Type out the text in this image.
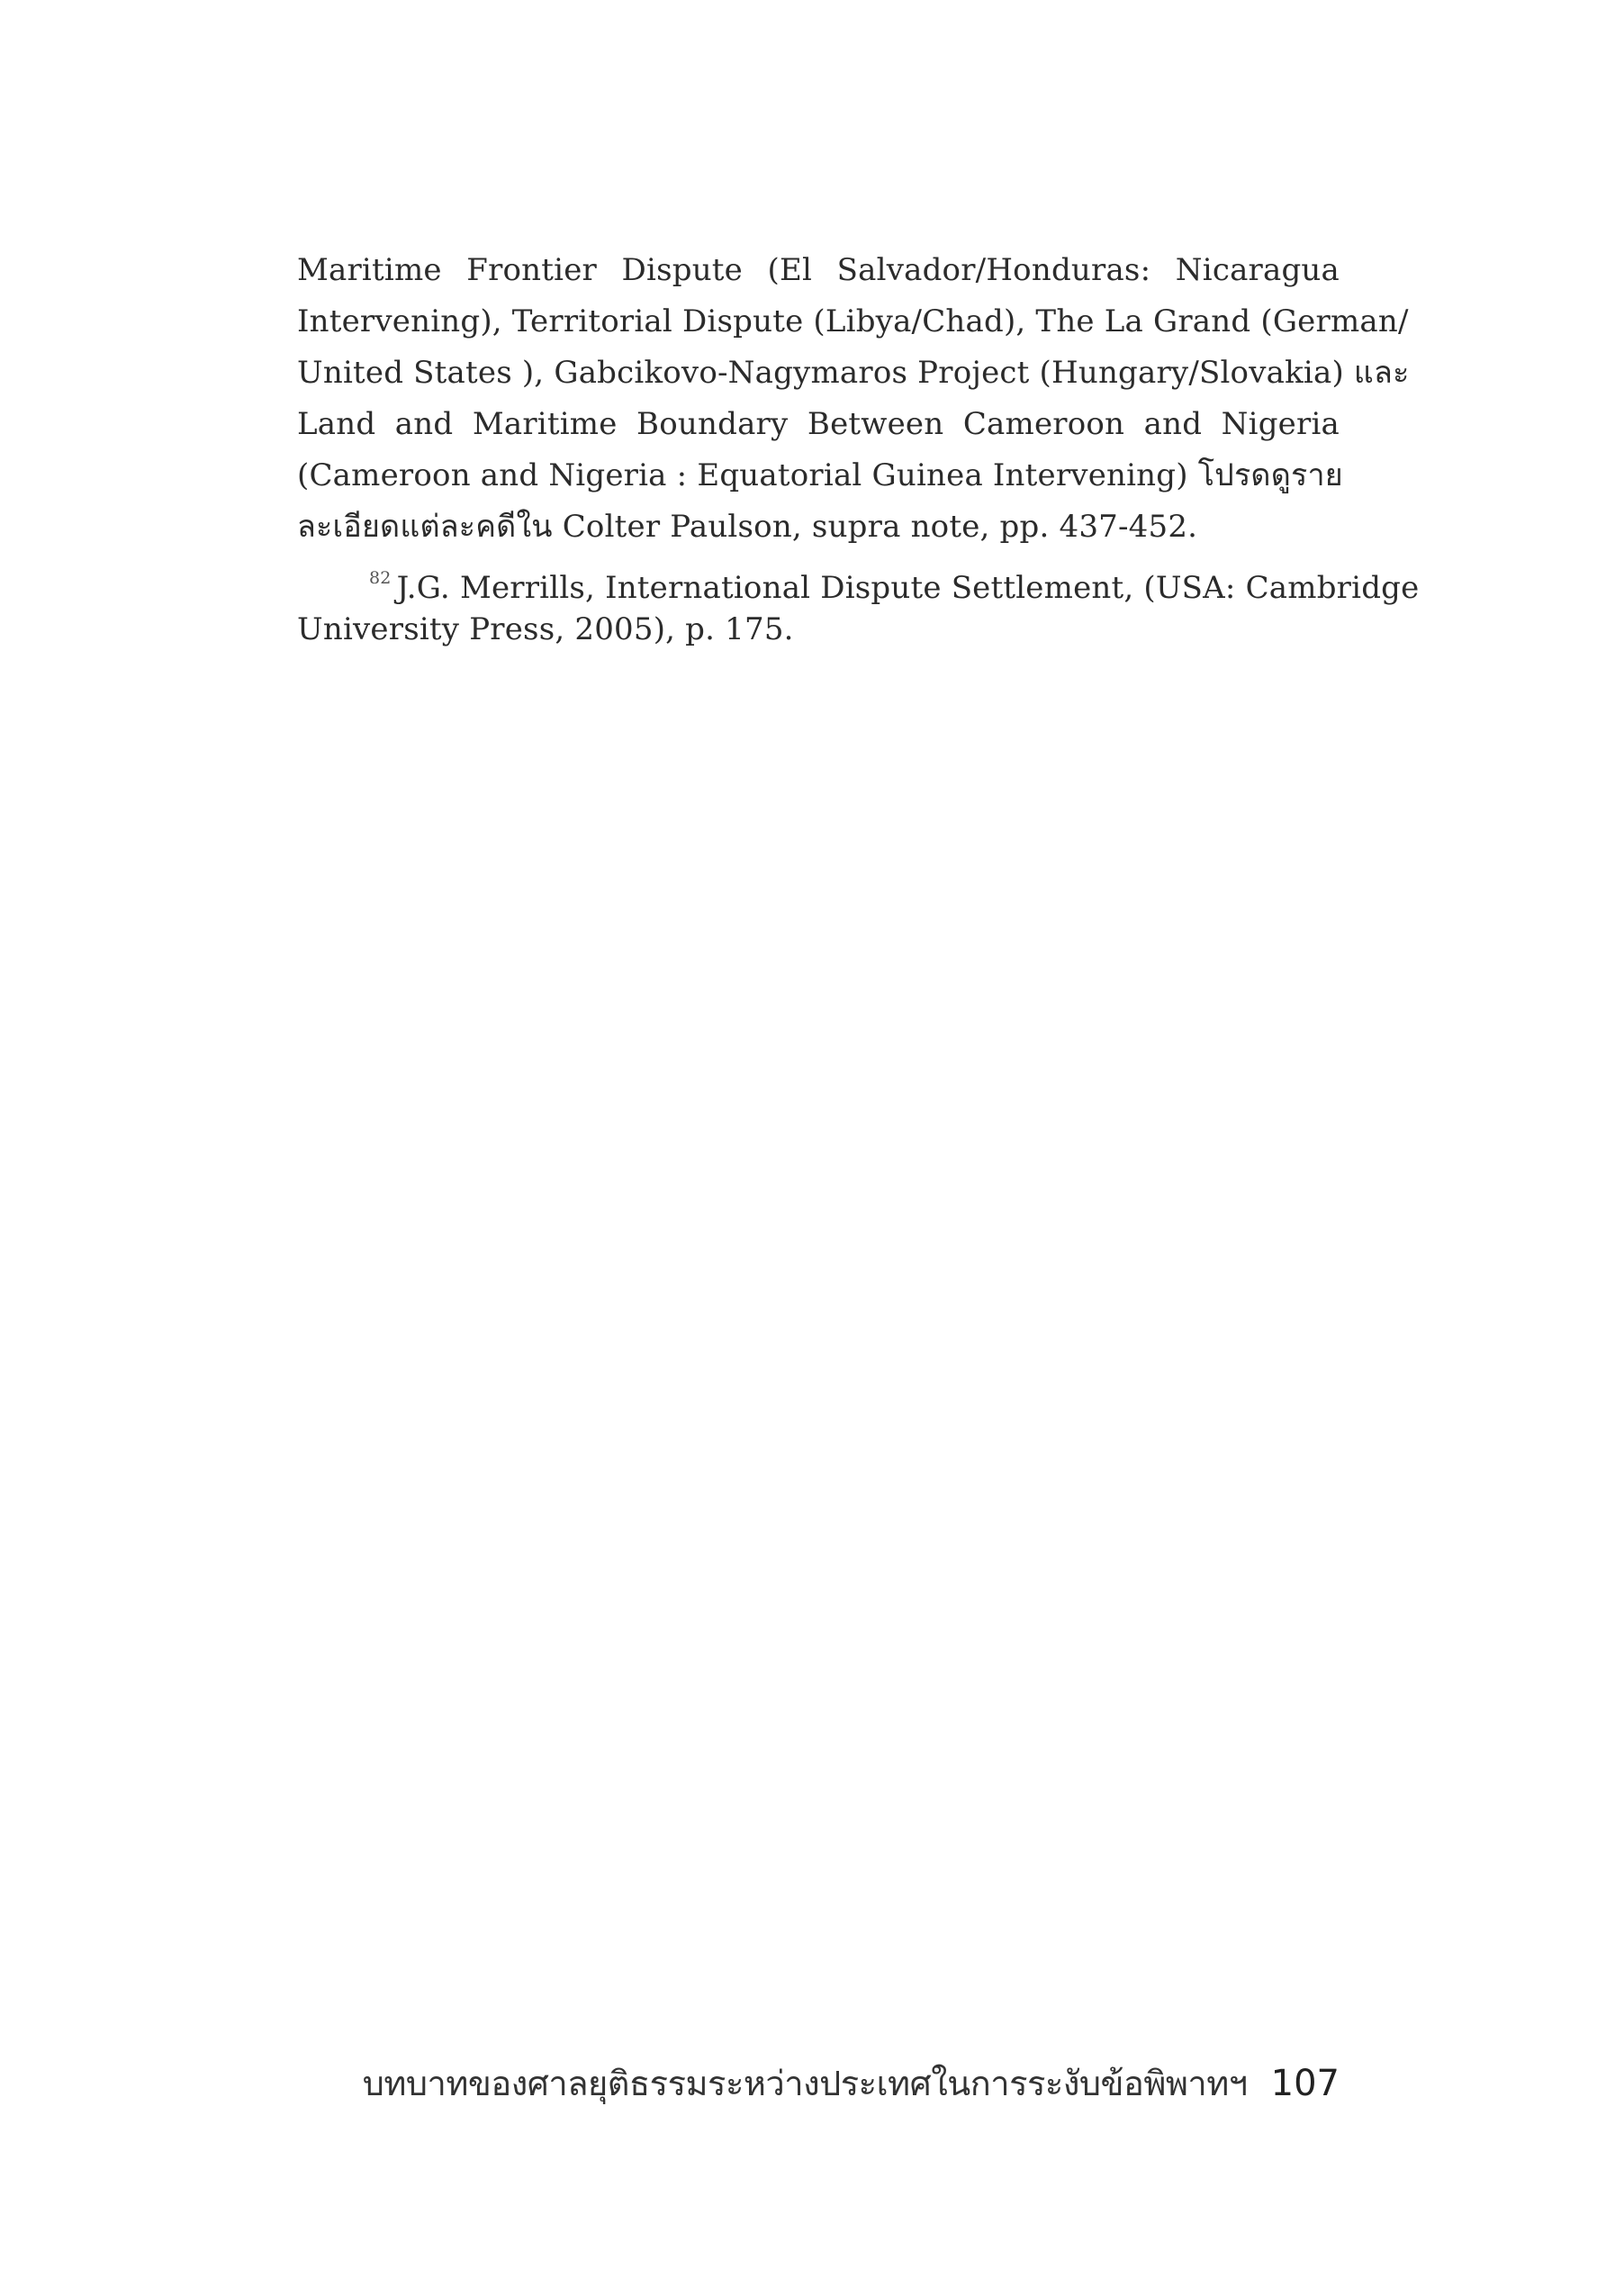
Maritime Frontier Dispute (El Salvador/Honduras: Nicaragua
Intervening), Territorial Dispute (Libya/Chad), The La Grand (German/
United States ), Gabcikovo-Nagymaros Project (Hungary/Slovakia) และ
Land and Maritime Boundary Between Cameroon and Nigeria
(Cameroon and Nigeria : Equatorial Guinea Intervening) โปรดดูราย
ละเอียดแต่ละคดีใน Colter Paulson, supra note, pp. 437-452.
$^{82}$ J.G. Merrills, International Dispute Settlement, (USA: Cambridge
University Press, 2005), p. 175.
บทบาทของศาลยุติธรรมระหว่างประเทศในการระงับข้อพิพาทฯ 107
